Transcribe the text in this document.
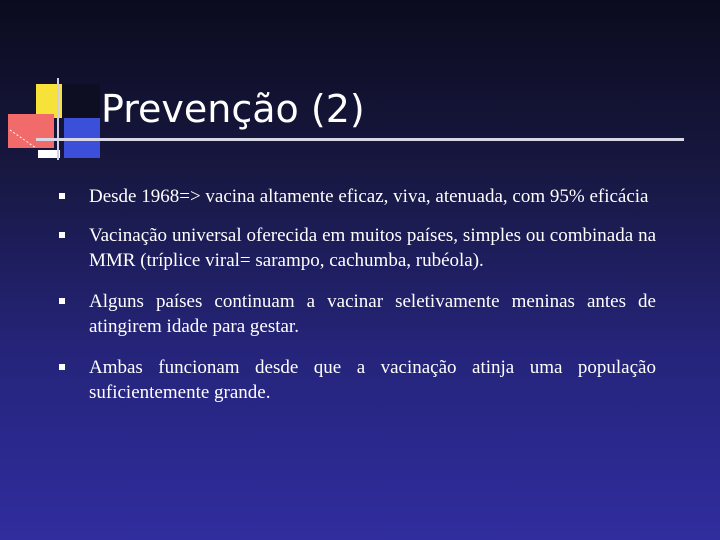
Prevenção (2)
Desde 1968=> vacina altamente eficaz, viva, atenuada, com 95% eficácia
Vacinação universal oferecida em muitos países, simples ou combinada na MMR (tríplice viral= sarampo, cachumba, rubéola).
Alguns países continuam a vacinar seletivamente meninas antes de atingirem idade para gestar.
Ambas funcionam desde que a vacinação atinja uma população suficientemente grande.
